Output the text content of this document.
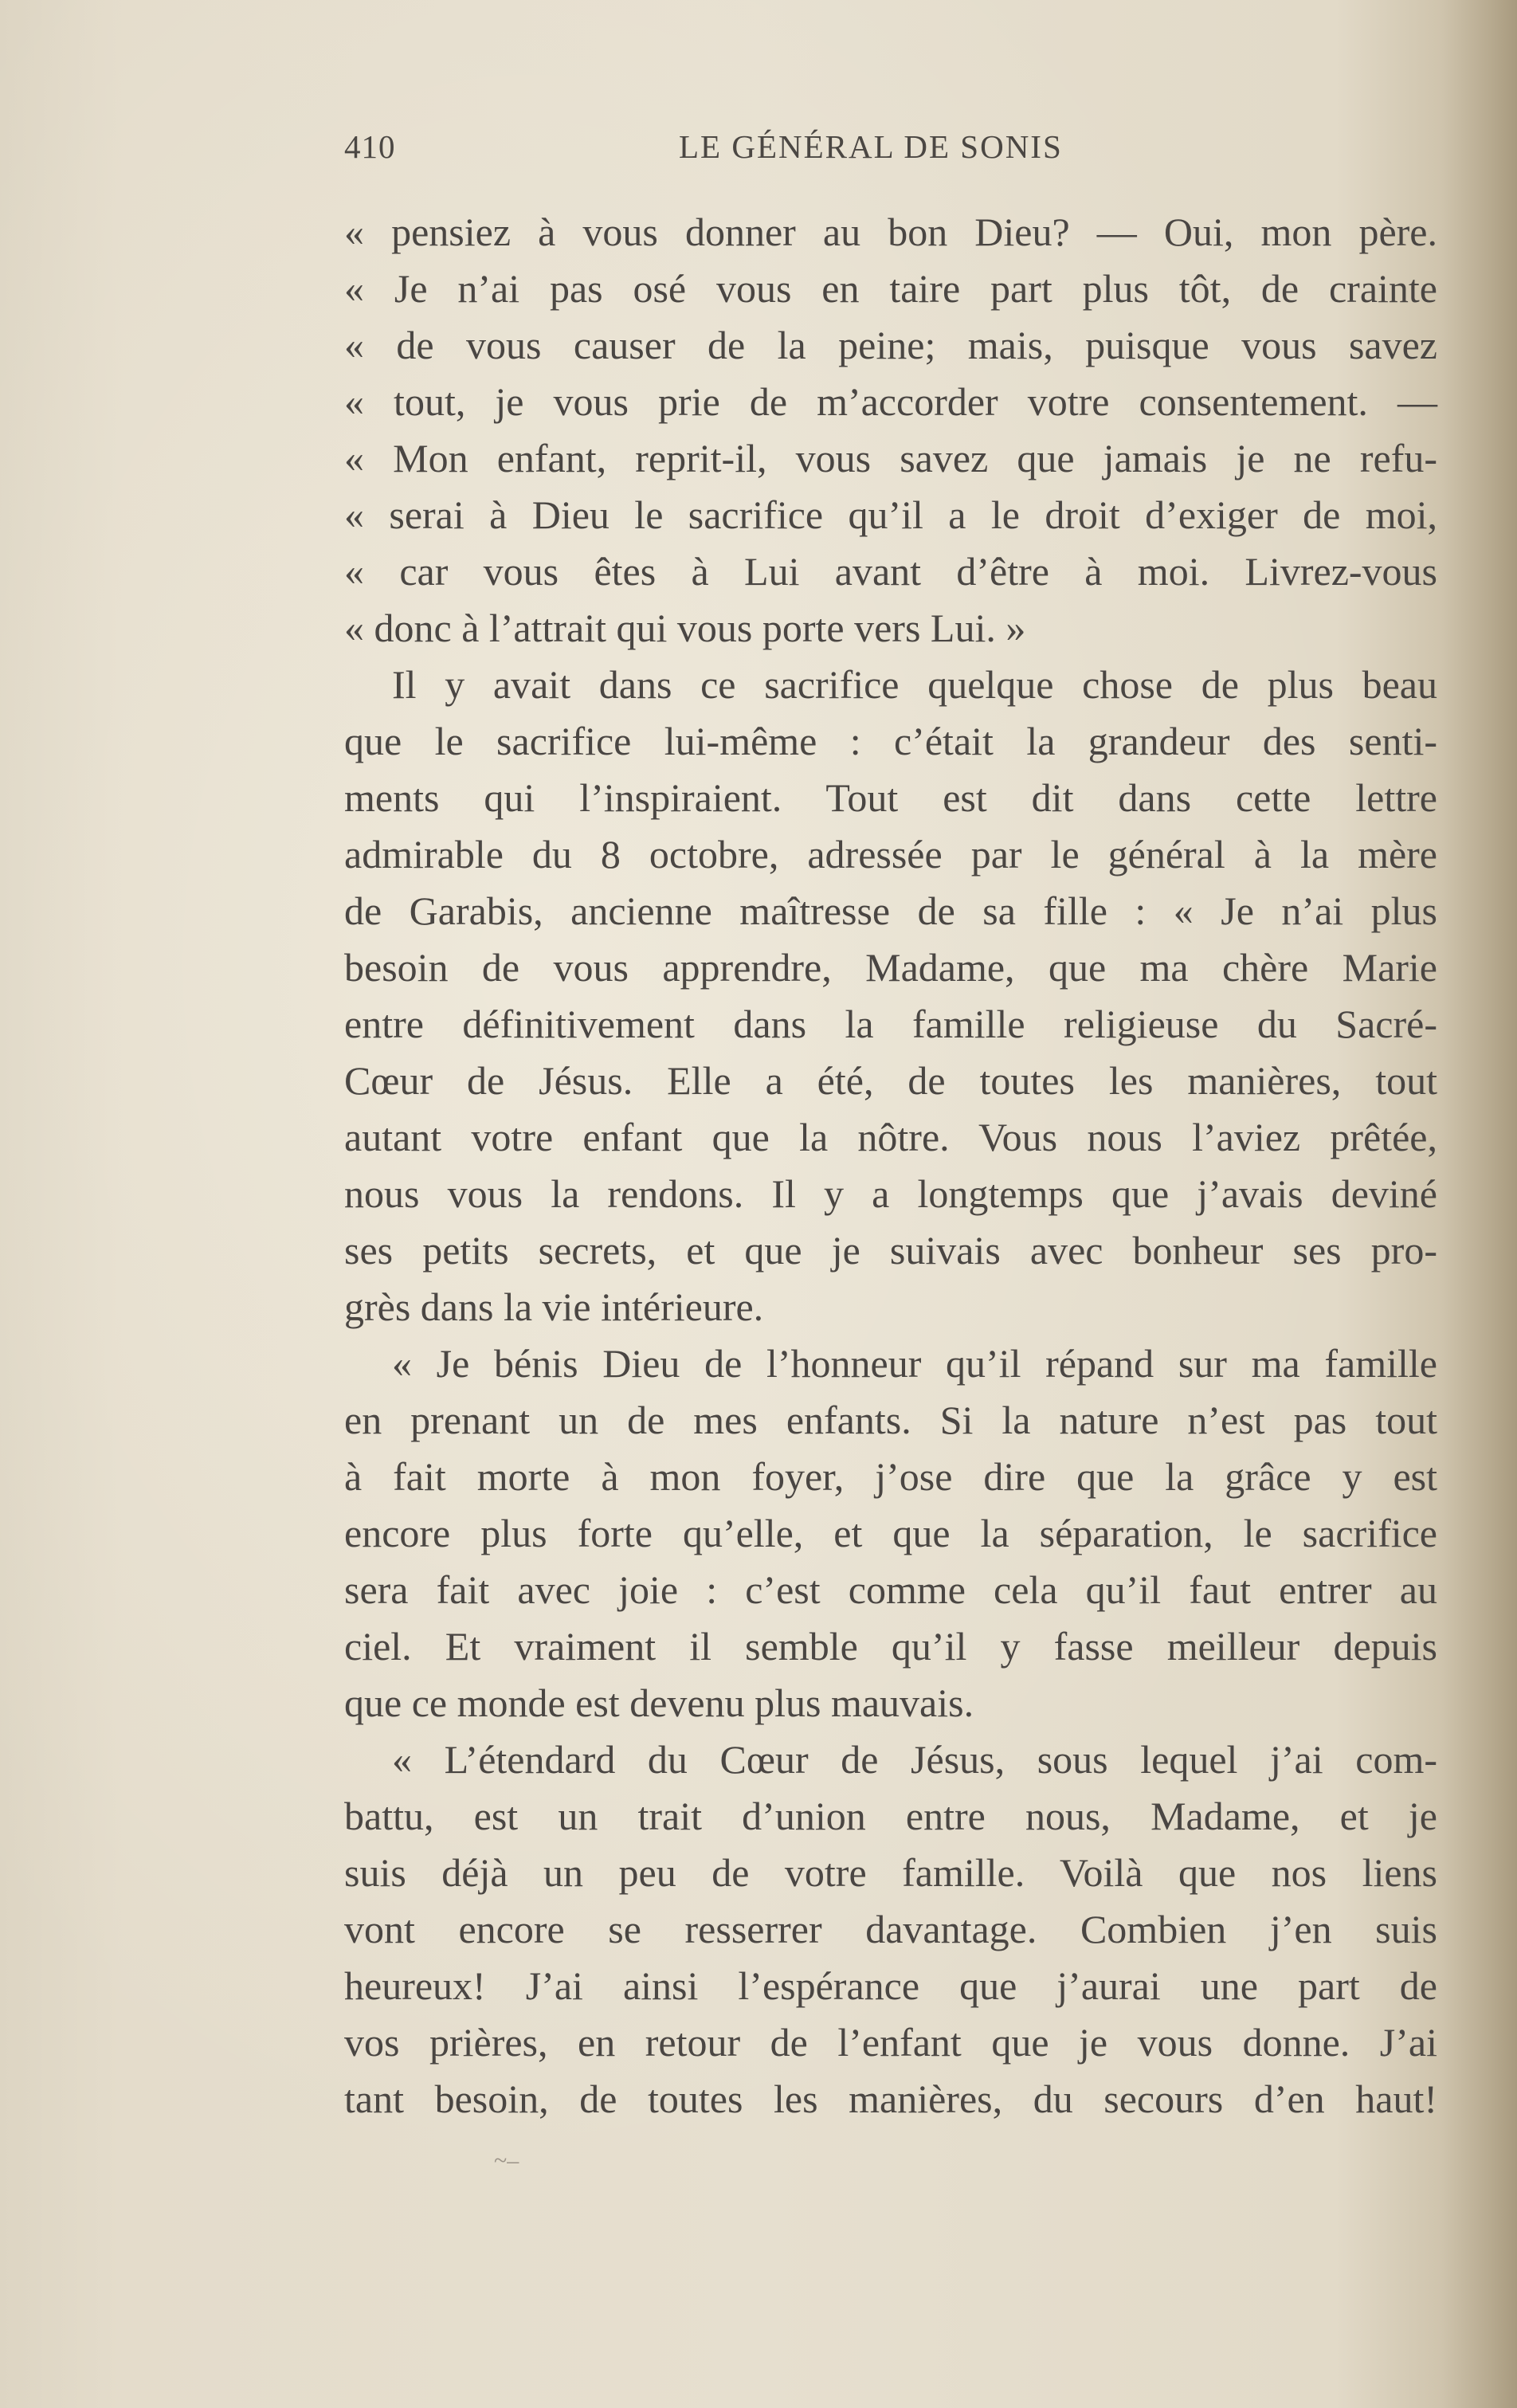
410	LE GÉNÉRAL DE SONIS
« pensiez à vous donner au bon Dieu? — Oui, mon père.
« Je n’ai pas osé vous en taire part plus tôt, de crainte
« de vous causer de la peine; mais, puisque vous savez
« tout, je vous prie de m’accorder votre consentement. —
« Mon enfant, reprit-il, vous savez que jamais je ne refu-
« serai à Dieu le sacrifice qu’il a le droit d’exiger de moi,
« car vous êtes à Lui avant d’être à moi. Livrez-vous
« donc à l’attrait qui vous porte vers Lui. »
Il y avait dans ce sacrifice quelque chose de plus beau
que le sacrifice lui-même : c’était la grandeur des senti-
ments qui l’inspiraient. Tout est dit dans cette lettre
admirable du 8 octobre, adressée par le général à la mère
de Garabis, ancienne maîtresse de sa fille : « Je n’ai plus
besoin de vous apprendre, Madame, que ma chère Marie
entre définitivement dans la famille religieuse du Sacré-
Cœur de Jésus. Elle a été, de toutes les manières, tout
autant votre enfant que la nôtre. Vous nous l’aviez prêtée,
nous vous la rendons. Il y a longtemps que j’avais deviné
ses petits secrets, et que je suivais avec bonheur ses pro-
grès dans la vie intérieure.
« Je bénis Dieu de l’honneur qu’il répand sur ma famille
en prenant un de mes enfants. Si la nature n’est pas tout
à fait morte à mon foyer, j’ose dire que la grâce y est
encore plus forte qu’elle, et que la séparation, le sacrifice
sera fait avec joie : c’est comme cela qu’il faut entrer au
ciel. Et vraiment il semble qu’il y fasse meilleur depuis
que ce monde est devenu plus mauvais.
« L’étendard du Cœur de Jésus, sous lequel j’ai com-
battu, est un trait d’union entre nous, Madame, et je
suis déjà un peu de votre famille. Voilà que nos liens
vont encore se resserrer davantage. Combien j’en suis
heureux! J’ai ainsi l’espérance que j’aurai une part de
vos prières, en retour de l’enfant que je vous donne. J’ai
tant besoin, de toutes les manières, du secours d’en haut!
~–
